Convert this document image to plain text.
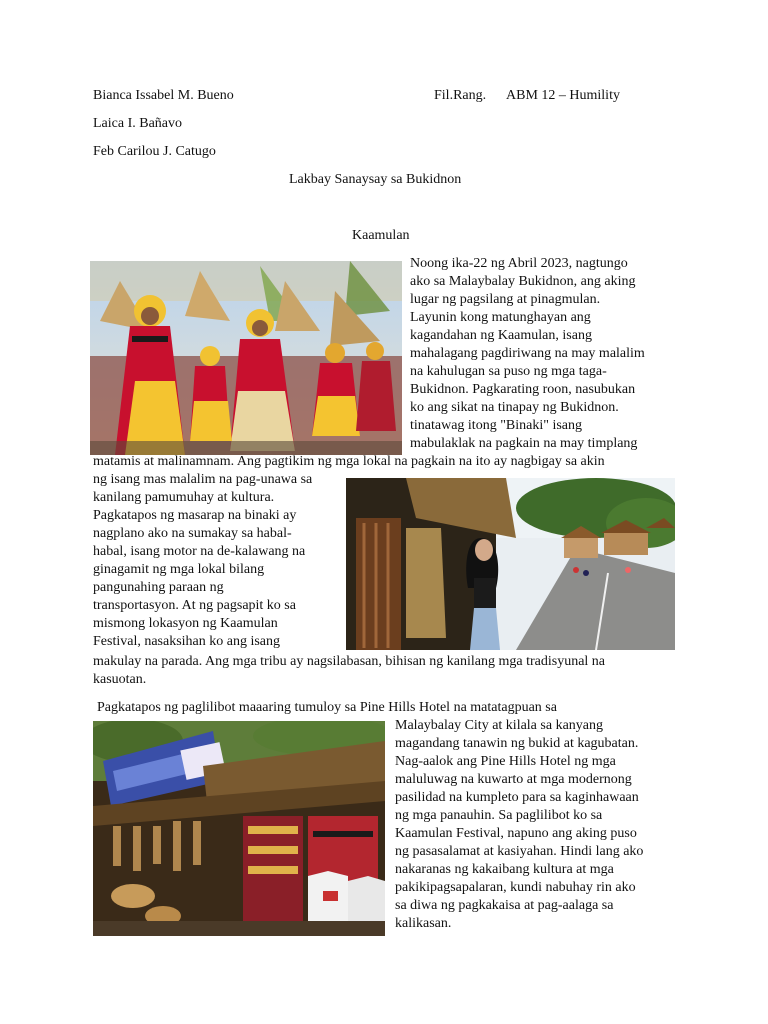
Bianca Issabel M. Bueno	Fil.Rang. ABM 12 – Humility
Laica I. Bañavo
Feb Carilou J. Catugo
Lakbay Sanaysay sa Bukidnon
Kaamulan
Noong ika-22 ng Abril 2023, nagtungo
ako sa Malaybalay Bukidnon, ang aking
lugar ng pagsilang at pinagmulan.
Layunin kong matunghayan ang
kagandahan ng Kaamulan, isang
mahalagang pagdiriwang na may malalim
na kahulugan sa puso ng mga taga-
Bukidnon. Pagkarating roon, nasubukan
ko ang sikat na tinapay ng Bukidnon.
tinatawag itong "Binaki" isang
mabulaklak na pagkain na may timplang
matamis at malinamnam. Ang pagtikim ng mga lokal na pagkain na ito ay nagbigay sa akin
ng isang mas malalim na pag-unawa sa
kanilang pamumuhay at kultura.
Pagkatapos ng masarap na binaki ay
nagplano ako na sumakay sa habal-
habal, isang motor na de-kalawang na
ginagamit ng mga lokal bilang
pangunahing paraan ng
transportasyon. At ng pagsapit ko sa
mismong lokasyon ng Kaamulan
Festival, nasaksihan ko ang isang
makulay na parada. Ang mga tribu ay nagsilabasan, bihisan ng kanilang mga tradisyunal na
kasuotan.
Pagkatapos ng paglilibot maaaring tumuloy sa Pine Hills Hotel na matatagpuan sa
Malaybalay City at kilala sa kanyang
magandang tanawin ng bukid at kagubatan.
Nag-aalok ang Pine Hills Hotel ng mga
maluluwag na kuwarto at mga modernong
pasilidad na kumpleto para sa kaginhawaan
ng mga panauhin. Sa paglilibot ko sa
Kaamulan Festival, napuno ang aking puso
ng pasasalamat at kasiyahan. Hindi lang ako
nakaranas ng kakaibang kultura at mga
pakikipagsapalaran, kundi nabuhay rin ako
sa diwa ng pagkakaisa at pag-aalaga sa
kalikasan.
